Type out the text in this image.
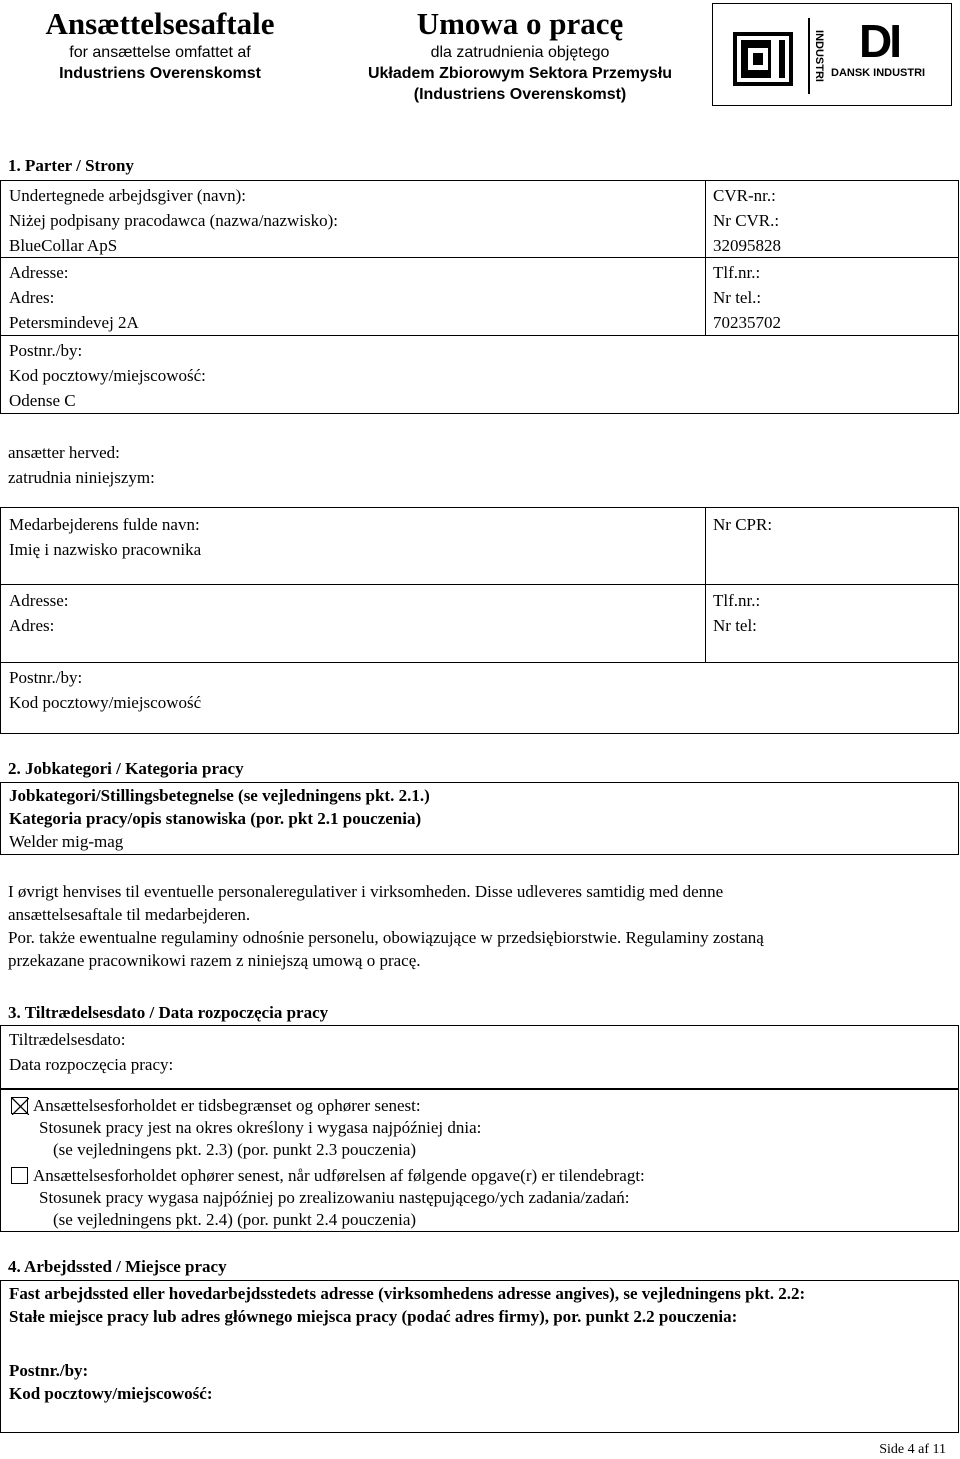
Ansættelsesaftale
for ansættelse omfattet af
Industriens Overenskomst
Umowa o pracę
dla zatrudnienia objętego
Układem Zbiorowym Sektora Przemysłu
(Industriens Overenskomst)
INDUSTRI DI
DANSK INDUSTRI
1. Parter / Strony
Undertegnede arbejdsgiver (navn):
Niżej podpisany pracodawca (nazwa/nazwisko):
BlueCollar ApS
CVR-nr.:
Nr CVR.:
32095828
Adresse:
Adres:
Petersmindevej 2A
Tlf.nr.:
Nr tel.:
70235702
Postnr./by:
Kod pocztowy/miejscowość:
Odense C
ansætter herved:
zatrudnia niniejszym:
Medarbejderens fulde navn:
Imię i nazwisko pracownika
Nr CPR:
Adresse:
Adres:
Tlf.nr.:
Nr tel:
Postnr./by:
Kod pocztowy/miejscowość
2. Jobkategori / Kategoria pracy
Jobkategori/Stillingsbetegnelse (se vejledningens pkt. 2.1.)
Kategoria pracy/opis stanowiska (por. pkt 2.1 pouczenia)
Welder mig-mag
I øvrigt henvises til eventuelle personaleregulativer i virksomheden. Disse udleveres samtidig med denne
ansættelsesaftale til medarbejderen.
Por. także ewentualne regulaminy odnośnie personelu, obowiązujące w przedsiębiorstwie. Regulaminy zostaną
przekazane pracownikowi razem z niniejszą umową o pracę.
3. Tiltrædelsesdato / Data rozpoczęcia pracy
Tiltrædelsesdato:
Data rozpoczęcia pracy:
Ansættelsesforholdet er tidsbegrænset og ophører senest:
Stosunek pracy jest na okres określony i wygasa najpóźniej dnia:
(se vejledningens pkt. 2.3) (por. punkt 2.3 pouczenia)
Ansættelsesforholdet ophører senest, når udførelsen af følgende opgave(r) er tilendebragt:
Stosunek pracy wygasa najpóźniej po zrealizowaniu następującego/ych zadania/zadań:
(se vejledningens pkt. 2.4) (por. punkt 2.4 pouczenia)
4. Arbejdssted / Miejsce pracy
Fast arbejdssted eller hovedarbejdsstedets adresse (virksomhedens adresse angives), se vejledningens pkt. 2.2:
Stałe miejsce pracy lub adres głównego miejsca pracy (podać adres firmy), por. punkt 2.2 pouczenia:
Postnr./by:
Kod pocztowy/miejscowość:
Side 4 af 11
